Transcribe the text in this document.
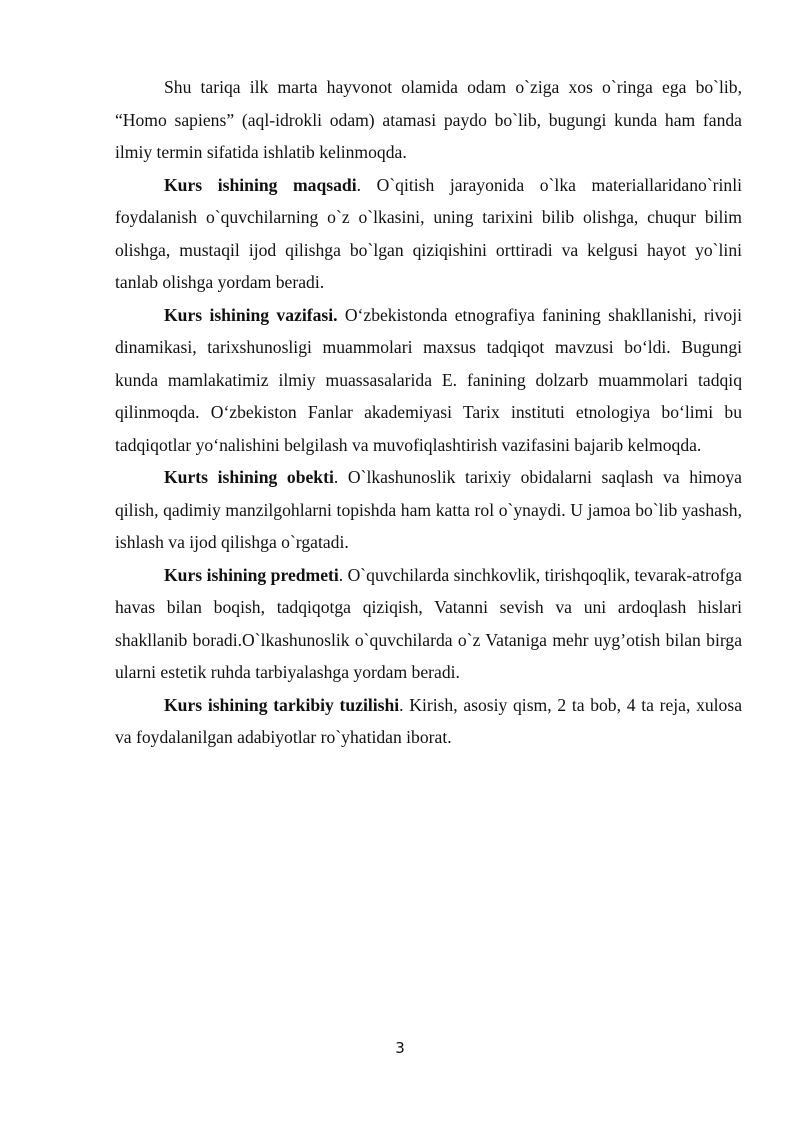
Shu tariqa ilk marta hayvonot olamida odam o`ziga xos o`ringa ega bo`lib, “Homo sapiens” (aql-idrokli odam) atamasi paydo bo`lib, bugungi kunda ham fanda ilmiy termin sifatida ishlatib kelinmoqda.

Kurs ishining maqsadi. O`qitish jarayonida o`lka materiallaridano`rinli foydalanish o`quvchilarning o`z o`lkasini, uning tarixini bilib olishga, chuqur bilim olishga, mustaqil ijod qilishga bo`lgan qiziqishini orttiradi va kelgusi hayot yo`lini tanlab olishga yordam beradi.

Kurs ishining vazifasi. O‘zbekistonda etnografiya fanining shakllanishi, rivoji dinamikasi, tarixshunosligi muammolari maxsus tadqiqot mavzusi bo‘ldi. Bugungi kunda mamlakatimiz ilmiy muassasalarida E. fanining dolzarb muammolari tadqiq qilinmoqda. O‘zbekiston Fanlar akademiyasi Tarix instituti etnologiya bo‘limi bu tadqiqotlar yo‘nalishini belgilash va muvofiqlashtirish vazifasini bajarib kelmoqda.

Kurts ishining obekti. O`lkashunoslik tarixiy obidalarni saqlash va himoya qilish, qadimiy manzilgohlarni topishda ham katta rol o`ynaydi. U jamoa bo`lib yashash, ishlash va ijod qilishga o`rgatadi.

Kurs ishining predmeti. O`quvchilarda sinchkovlik, tirishqoqlik, tevarak-atrofga havas bilan boqish, tadqiqotga qiziqish, Vatanni sevish va uni ardoqlash hislari shakllanib boradi.O`lkashunoslik o`quvchilarda o`z Vataniga mehr uyg’otish bilan birga ularni estetik ruhda tarbiyalashga yordam beradi.

Kurs ishining tarkibiy tuzilishi. Kirish, asosiy qism, 2 ta bob, 4 ta reja, xulosa va foydalanilgan adabiyotlar ro`yhatidan iborat.

3
